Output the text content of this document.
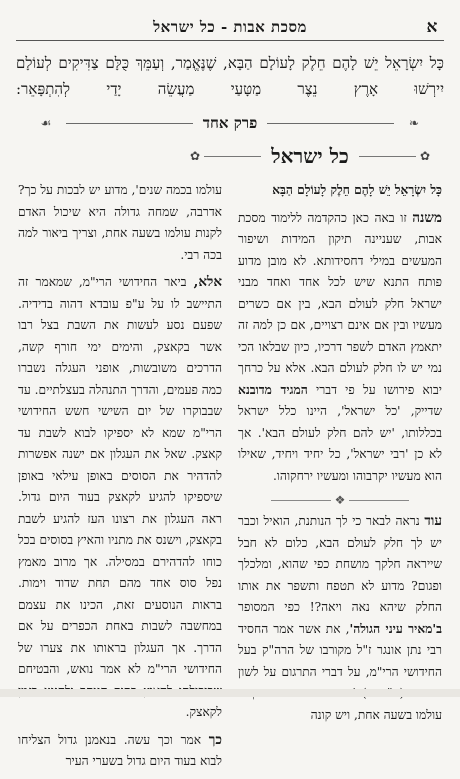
א
מסכת אבות - כל ישראל
כָּל יִשְׂרָאֵל יֵשׁ לָהֶם חֵלֶק לָעוֹלָם הַבָּא, שֶׁנֶּאֱמַר, וְעַמֵּךְ כֻּלָּם צַדִּיקִים לְעוֹלָם יִירְשׁוּ אָרֶץ נֵצֶר מַטָּעַי מַעֲשֵׂה יָדַי לְהִתְפָּאֵר:
❧
פרק אחד
☙
✿
כל ישראל
✿

כָּל יִשְׂרָאֵל יֵשׁ לָהֶם חֵלֶק לָעוֹלָם הַבָּא

משנה זו באה כאן כהקדמה ללימוד מסכת אבות, שעניינה תיקון המידות ושיפור המעשים במילי דחסידותא. לא מובן מדוע פותח התנא שיש לכל אחד ואחד מבני ישראל חלק לעולם הבא, בין אם כשרים מעשיו ובין אם אינם רצויים, אם כן למה זה יתאמץ האדם לשפר דרכיו, כיון שבלאו הכי נמי יש לו חלק לעולם הבא. אלא על כרחך יבוא פירושו על פי דברי המגיד מדובנא שדייק, 'כל ישראל', היינו כלל ישראל בכללותו, 'יש להם חלק לעולם הבא'. אך לא כן 'רבי ישראל', כל יחיד ויחיד, שאילו הוא מעשיו יקרבוהו ומעשיו ירחקוהו.

❖

עוד נראה לבאר כי לך הנותנת, הואיל וכבר יש לך חלק לעולם הבא, כלום לא חבל שייראה חלקך מושחת כפי שהוא, ומלכלך ופגום? מדוע לא תטפח ותשפר את אותו החלק שיהא נאה ויאה?! כפי המסופר ב'מאיר עיני הגולה', את אשר אמר החסיד רבי נתן אונגר ז"ל מקורבו של הרה"ק בעל החידושי הרי"מ, על דברי התרגום על לשון עולמו בשעה אחת, ויש קונה

עולמו בכמה שנים', מדוע יש לבכות על כך? אדרבה, שמחה גדולה היא שיכול האדם לקנות עולמו בשעה אחת, וצריך ביאור למה בכה רבי.

אלא, ביאר החידושי הרי"מ, שמאמר זה התיישב לו על ע"פ עובדא דהוה בדידיה. שפעם נסע לעשות את השבת בצל רבו אשר בקאצק, והימים ימי חורף קשה, הדרכים משובשות, אופני העגלה נשברו כמה פעמים, והדרך התנהלה בעצלתיים. עד שבבוקרו של יום השישי חשש החידושי הרי"מ שמא לא יספיקו לבוא לשבת עד קאצק. שאל את העגלון אם ישנה אפשרות להדהיר את הסוסים באופן עילאי באופן שיספיקו להגיע לקאצק בעוד היום גדול. ראה העגלון את רצונו העז להגיע לשבת בקאצק, וישנס את מתניו והאיץ בסוסים בכל כוחו להדהירם במסילה. אך מרוב מאמץ נפל סוס אחד מהם תחת שדוד וימות. בראות הנוסעים זאת, הכינו את עצמם במחשבה לשבות באחת הכפרים על אם הדרך. אך העגלון בראותו את צערו של החידושי הרי"מ לא אמר נואש, והבטיחם לקאצק.

כך אמר וכך עשה. בנאמנן גדול הצליחו לבוא בעוד היום גדול בשערי העיר
